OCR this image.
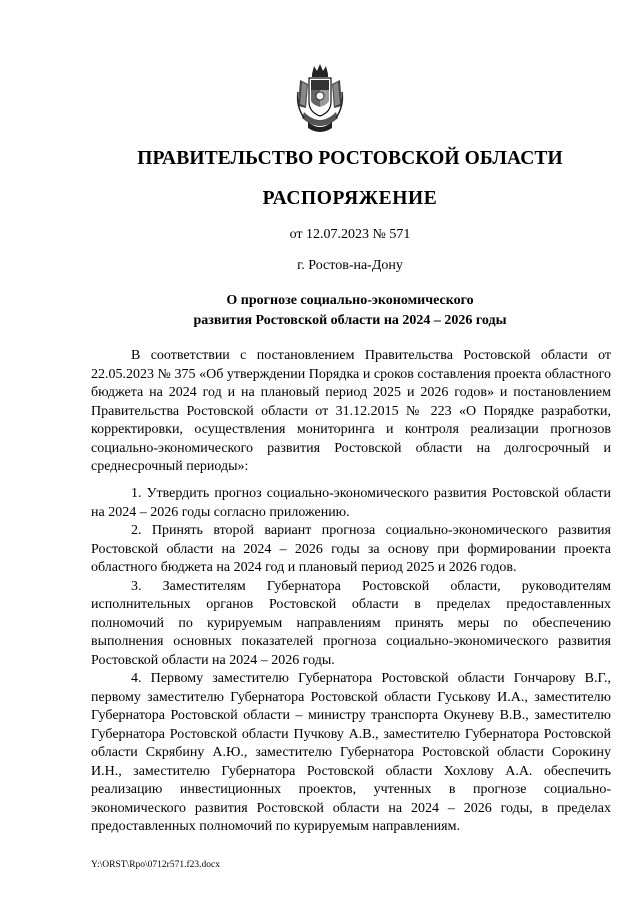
ПРАВИТЕЛЬСТВО РОСТОВСКОЙ ОБЛАСТИ
РАСПОРЯЖЕНИЕ
от 12.07.2023 № 571
г. Ростов-на-Дону
О прогнозе социально-экономического
развития Ростовской области на 2024 – 2026 годы

В соответствии с постановлением Правительства Ростовской области от 22.05.2023 № 375 «Об утверждении Порядка и сроков составления проекта областного бюджета на 2024 год и на плановый период 2025 и 2026 годов» и постановлением Правительства Ростовской области от 31.12.2015 № 223 «О Порядке разработки, корректировки, осуществления мониторинга и контроля реализации прогнозов социально-экономического развития Ростовской области на долгосрочный и среднесрочный периоды»:

1. Утвердить прогноз социально-экономического развития Ростовской области на 2024 – 2026 годы согласно приложению.

2. Принять второй вариант прогноза социально-экономического развития Ростовской области на 2024 – 2026 годы за основу при формировании проекта областного бюджета на 2024 год и плановый период 2025 и 2026 годов.

3. Заместителям Губернатора Ростовской области, руководителям исполнительных органов Ростовской области в пределах предоставленных полномочий по курируемым направлениям принять меры по обеспечению выполнения основных показателей прогноза социально-экономического развития Ростовской области на 2024 – 2026 годы.

4. Первому заместителю Губернатора Ростовской области Гончарову В.Г., первому заместителю Губернатора Ростовской области Гуськову И.А., заместителю Губернатора Ростовской области – министру транспорта Окуневу В.В., заместителю Губернатора Ростовской области Пучкову А.В., заместителю Губернатора Ростовской области Скрябину А.Ю., заместителю Губернатора Ростовской области Сорокину И.Н., заместителю Губернатора Ростовской области Хохлову А.А. обеспечить реализацию инвестиционных проектов, учтенных в прогнозе социально-экономического развития Ростовской области на 2024 – 2026 годы, в пределах предоставленных полномочий по курируемым направлениям.

Y:\ORST\Rpo\0712r571.f23.docx
